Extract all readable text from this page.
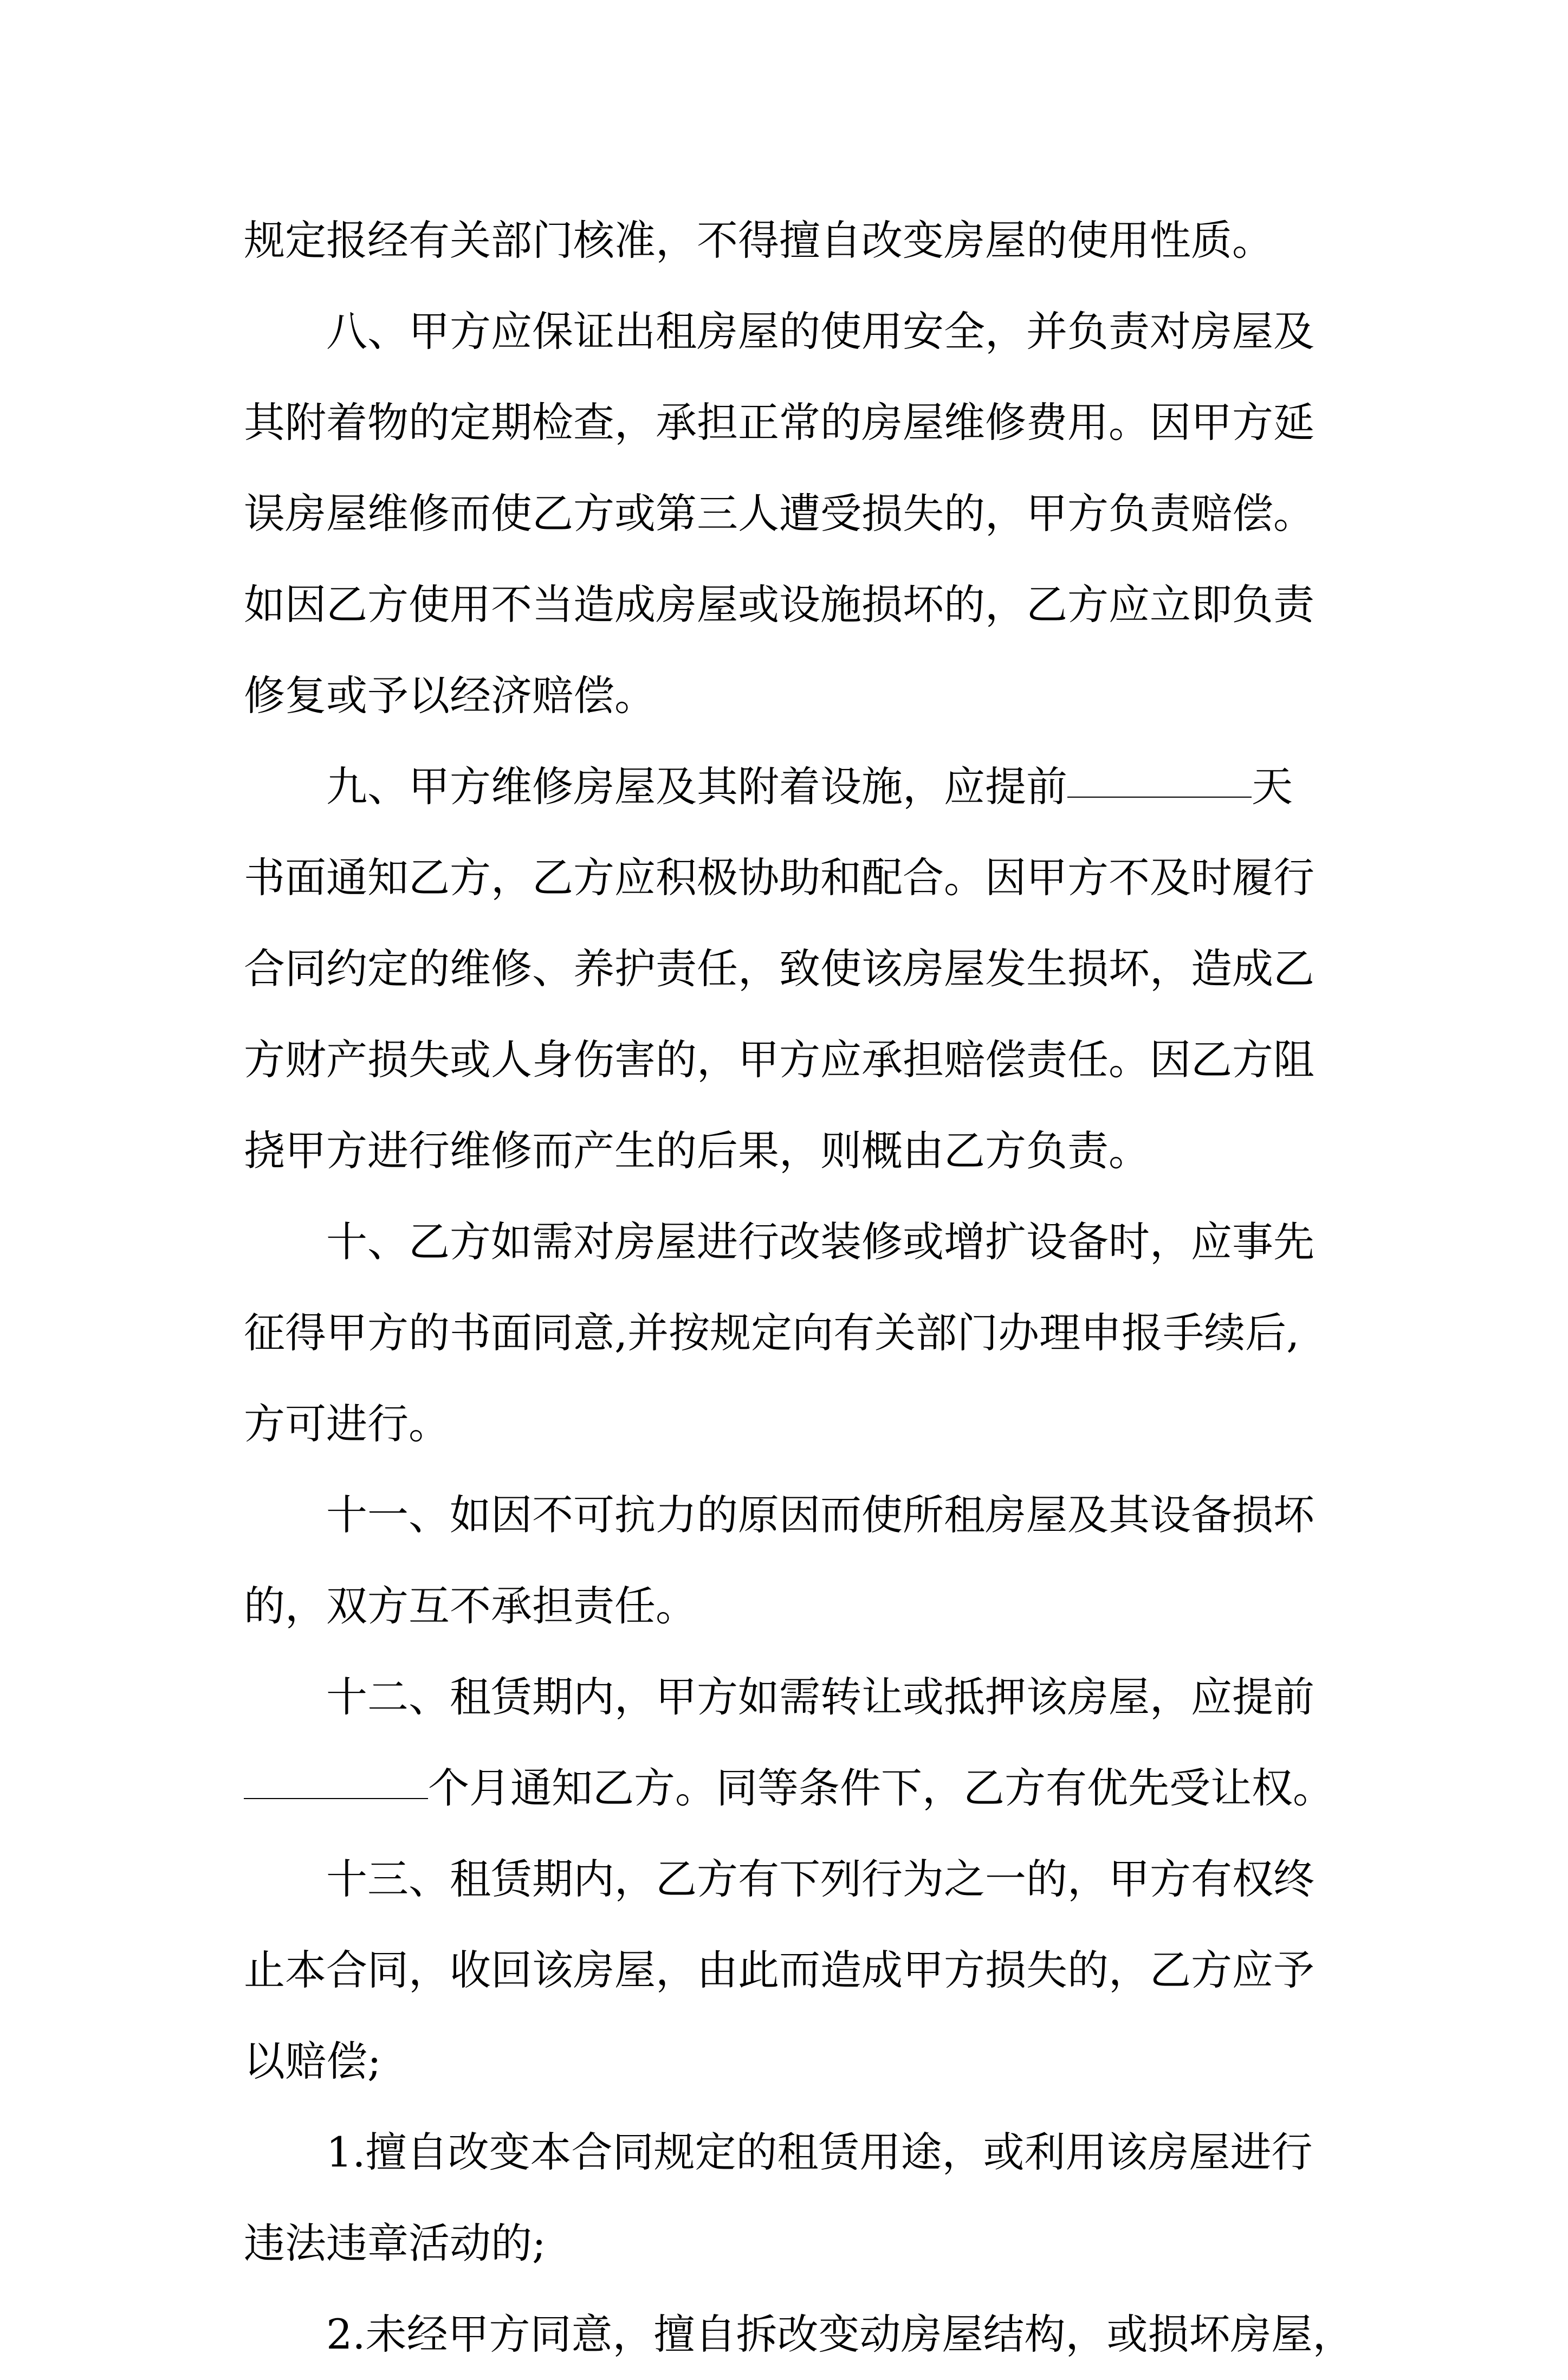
规定报经有关部门核准，不得擅自改变房屋的使用性质。
八、甲方应保证出租房屋的使用安全，并负责对房屋及
其附着物的定期检查，承担正常的房屋维修费用。因甲方延
误房屋维修而使乙方或第三人遭受损失的，甲方负责赔偿。
如因乙方使用不当造成房屋或设施损坏的，乙方应立即负责
修复或予以经济赔偿。
九、甲方维修房屋及其附着设施，应提前	天
书面通知乙方，乙方应积极协助和配合。因甲方不及时履行
合同约定的维修、养护责任，致使该房屋发生损坏，造成乙
方财产损失或人身伤害的，甲方应承担赔偿责任。因乙方阻
挠甲方进行维修而产生的后果，则概由乙方负责。
十、乙方如需对房屋进行改装修或增扩设备时，应事先
征得甲方的书面同意,并按规定向有关部门办理申报手续后,
方可进行。
十一、如因不可抗力的原因而使所租房屋及其设备损坏
的，双方互不承担责任。
十二、租赁期内，甲方如需转让或抵押该房屋，应提前
个月通知乙方。同等条件下，乙方有优先受让权。
十三、租赁期内，乙方有下列行为之一的，甲方有权终
止本合同，收回该房屋，由此而造成甲方损失的，乙方应予
以赔偿;
1.擅自改变本合同规定的租赁用途，或利用该房屋进行
违法违章活动的;
2.未经甲方同意，擅自拆改变动房屋结构，或损坏房屋，
